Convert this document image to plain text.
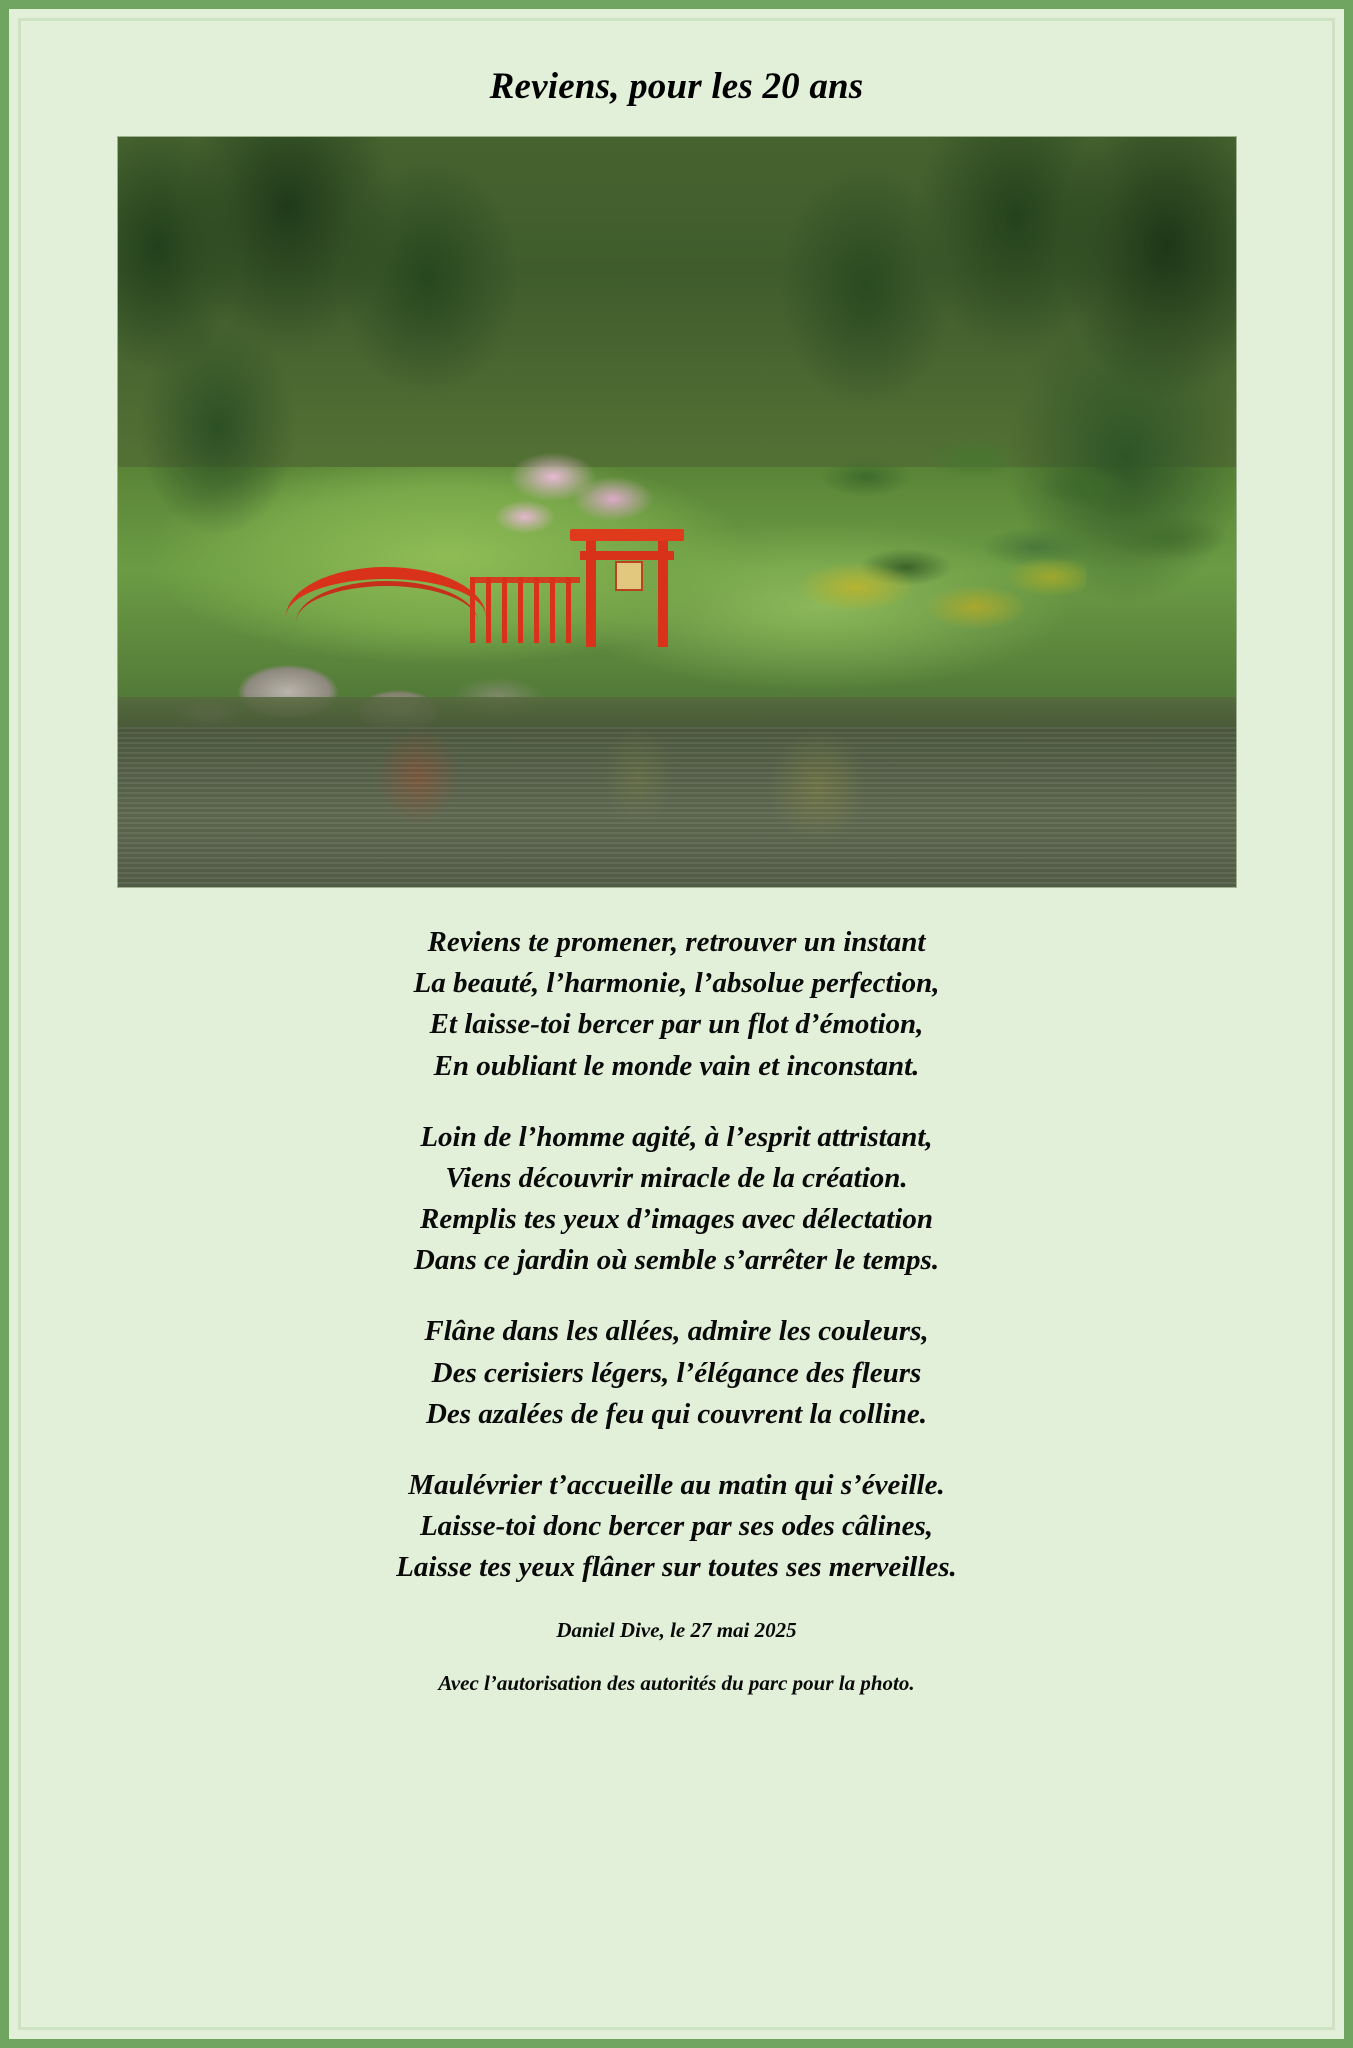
Reviens, pour les 20 ans
Reviens te promener, retrouver un instant
La beauté, l’harmonie, l’absolue perfection,
Et laisse-toi bercer par un flot d’émotion,
En oubliant le monde vain et inconstant.
Loin de l’homme agité, à l’esprit attristant,
Viens découvrir miracle de la création.
Remplis tes yeux d’images avec délectation
Dans ce jardin où semble s’arrêter le temps.
Flâne dans les allées, admire les couleurs,
Des cerisiers légers, l’élégance des fleurs
Des azalées de feu qui couvrent la colline.
Maulévrier t’accueille au matin qui s’éveille.
Laisse-toi donc bercer par ses odes câlines,
Laisse tes yeux flâner sur toutes ses merveilles.
Daniel Dive, le 27 mai 2025
Avec l’autorisation des autorités du parc pour la photo.
